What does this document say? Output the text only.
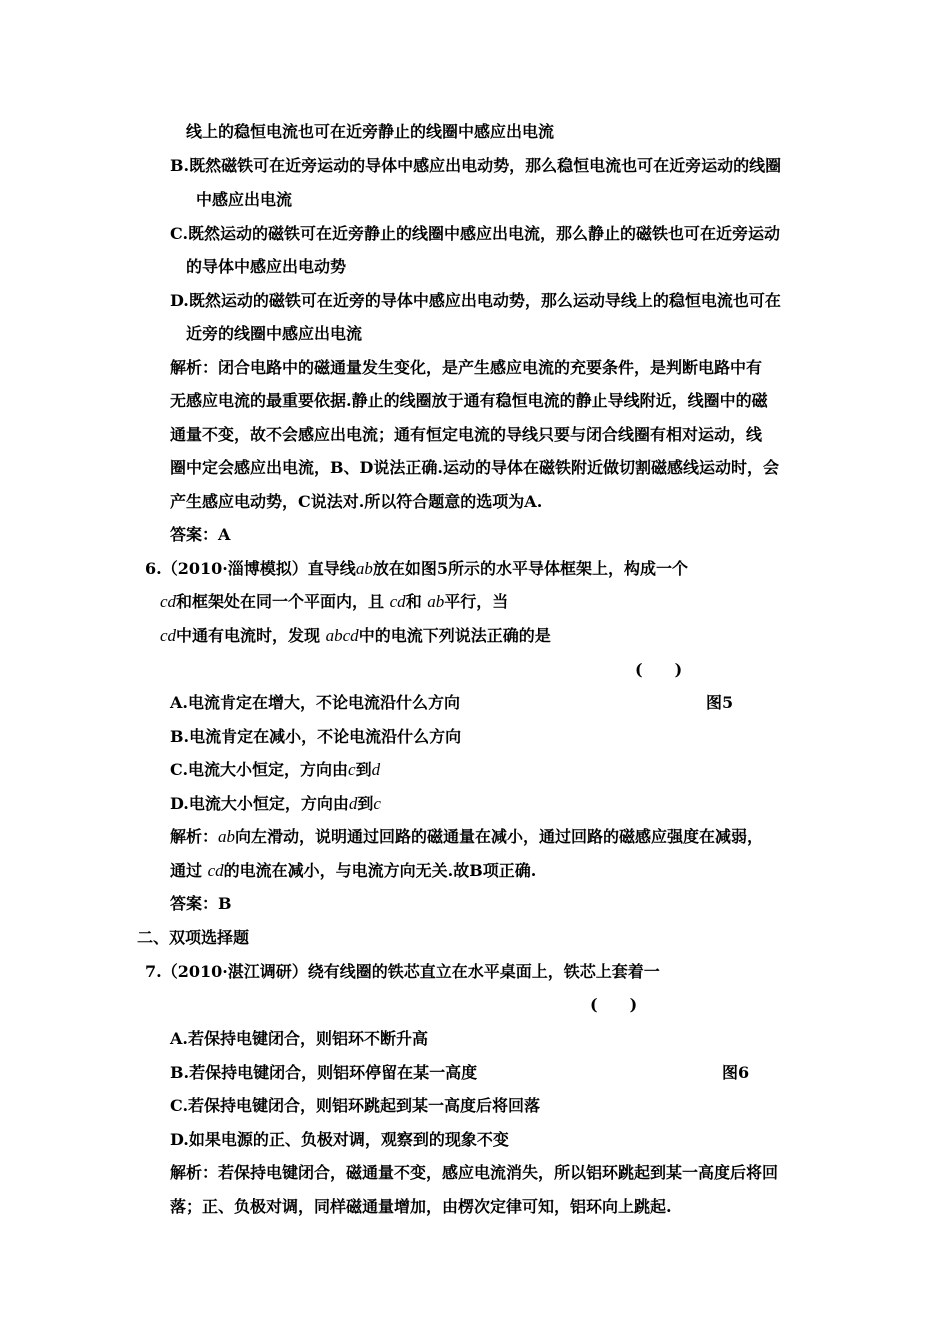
线上的稳恒电流也可在近旁静止的线圈中感应出电流
B.既然磁铁可在近旁运动的导体中感应出电动势，那么稳恒电流也可在近旁运动的线圈
中感应出电流
C.既然运动的磁铁可在近旁静止的线圈中感应出电流，那么静止的磁铁也可在近旁运动
的导体中感应出电动势
D.既然运动的磁铁可在近旁的导体中感应出电动势，那么运动导线上的稳恒电流也可在
近旁的线圈中感应出电流
解析：闭合电路中的磁通量发生变化，是产生感应电流的充要条件，是判断电路中有
无感应电流的最重要依据.静止的线圈放于通有稳恒电流的静止导线附近，线圈中的磁
通量不变，故不会感应出电流；通有恒定电流的导线只要与闭合线圈有相对运动，线
圈中定会感应出电流，B、D说法正确.运动的导体在磁铁附近做切割磁感线运动时，会
产生感应电动势，C说法对.所以符合题意的选项为A.
答案：A
6.（2010·淄博模拟）直导线ab放在如图5所示的水平导体框架上，构成一个
cd和框架处在同一个平面内，且 cd和 ab平行，当
cd中通有电流时，发现 abcd中的电流下列说法正确的是
(　　)
A.电流肯定在增大，不论电流沿什么方向	图5
B.电流肯定在减小，不论电流沿什么方向
C.电流大小恒定，方向由c到d
D.电流大小恒定，方向由d到c
解析：ab向左滑动，说明通过回路的磁通量在减小，通过回路的磁感应强度在减弱，
通过 cd的电流在减小，与电流方向无关.故B项正确.
答案：B
二、双项选择题
7.（2010·湛江调研）绕有线圈的铁芯直立在水平桌面上，铁芯上套着一
(　　)
A.若保持电键闭合，则铝环不断升高
B.若保持电键闭合，则铝环停留在某一高度	图6
C.若保持电键闭合，则铝环跳起到某一高度后将回落
D.如果电源的正、负极对调，观察到的现象不变
解析：若保持电键闭合，磁通量不变，感应电流消失，所以铝环跳起到某一高度后将回
落；正、负极对调，同样磁通量增加，由楞次定律可知，铝环向上跳起.
